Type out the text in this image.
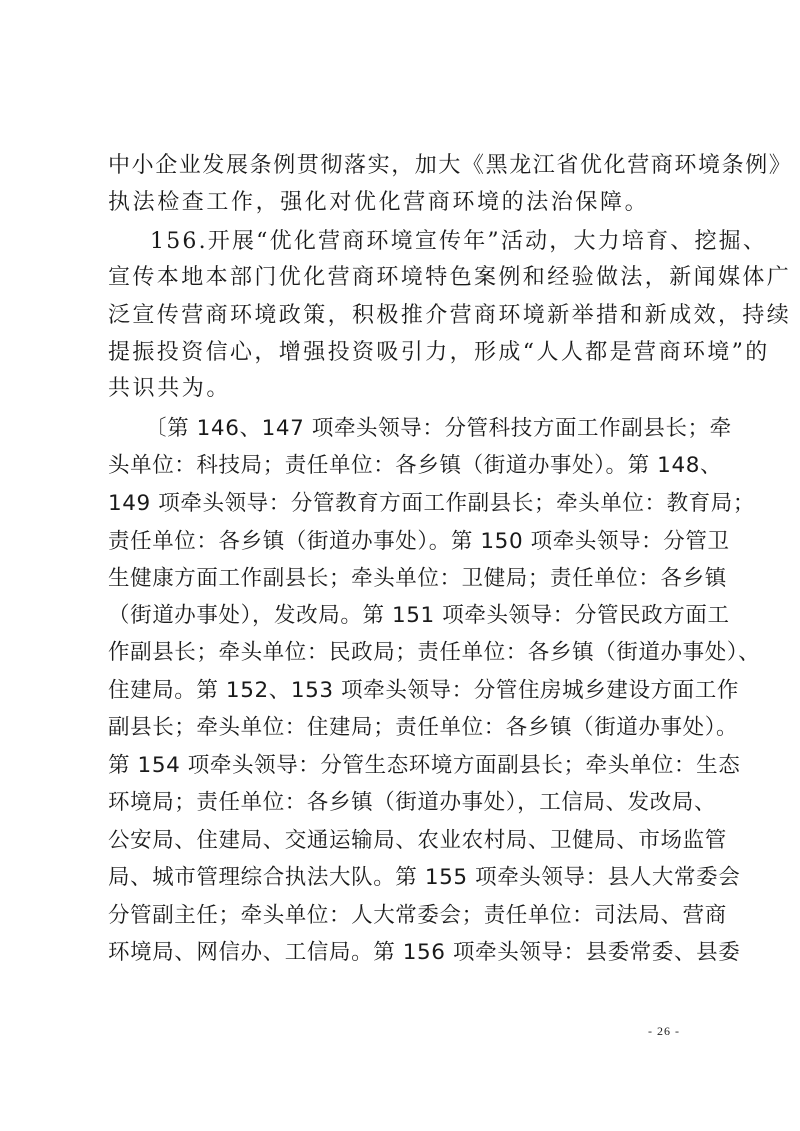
中小企业发展条例贯彻落实，加大《黑龙江省优化营商环境条例》

执法检查工作，强化对优化营商环境的法治保障。

156.开展“优化营商环境宣传年”活动，大力培育、挖掘、

宣传本地本部门优化营商环境特色案例和经验做法，新闻媒体广

泛宣传营商环境政策，积极推介营商环境新举措和新成效，持续

提振投资信心，增强投资吸引力，形成“人人都是营商环境”的

共识共为。

〔第 146、147 项牵头领导：分管科技方面工作副县长；牵

头单位：科技局；责任单位：各乡镇（街道办事处）。第 148、

149 项牵头领导：分管教育方面工作副县长；牵头单位：教育局；

责任单位：各乡镇（街道办事处）。第 150 项牵头领导：分管卫

生健康方面工作副县长；牵头单位：卫健局；责任单位：各乡镇

（街道办事处），发改局。第 151 项牵头领导：分管民政方面工

作副县长；牵头单位：民政局；责任单位：各乡镇（街道办事处）、

住建局。第 152、153 项牵头领导：分管住房城乡建设方面工作

副县长；牵头单位：住建局；责任单位：各乡镇（街道办事处）。

第 154 项牵头领导：分管生态环境方面副县长；牵头单位：生态

环境局；责任单位：各乡镇（街道办事处），工信局、发改局、

公安局、住建局、交通运输局、农业农村局、卫健局、市场监管

局、城市管理综合执法大队。第 155 项牵头领导：县人大常委会

分管副主任；牵头单位：人大常委会；责任单位：司法局、营商

环境局、网信办、工信局。第 156 项牵头领导：县委常委、县委

- 26 -
